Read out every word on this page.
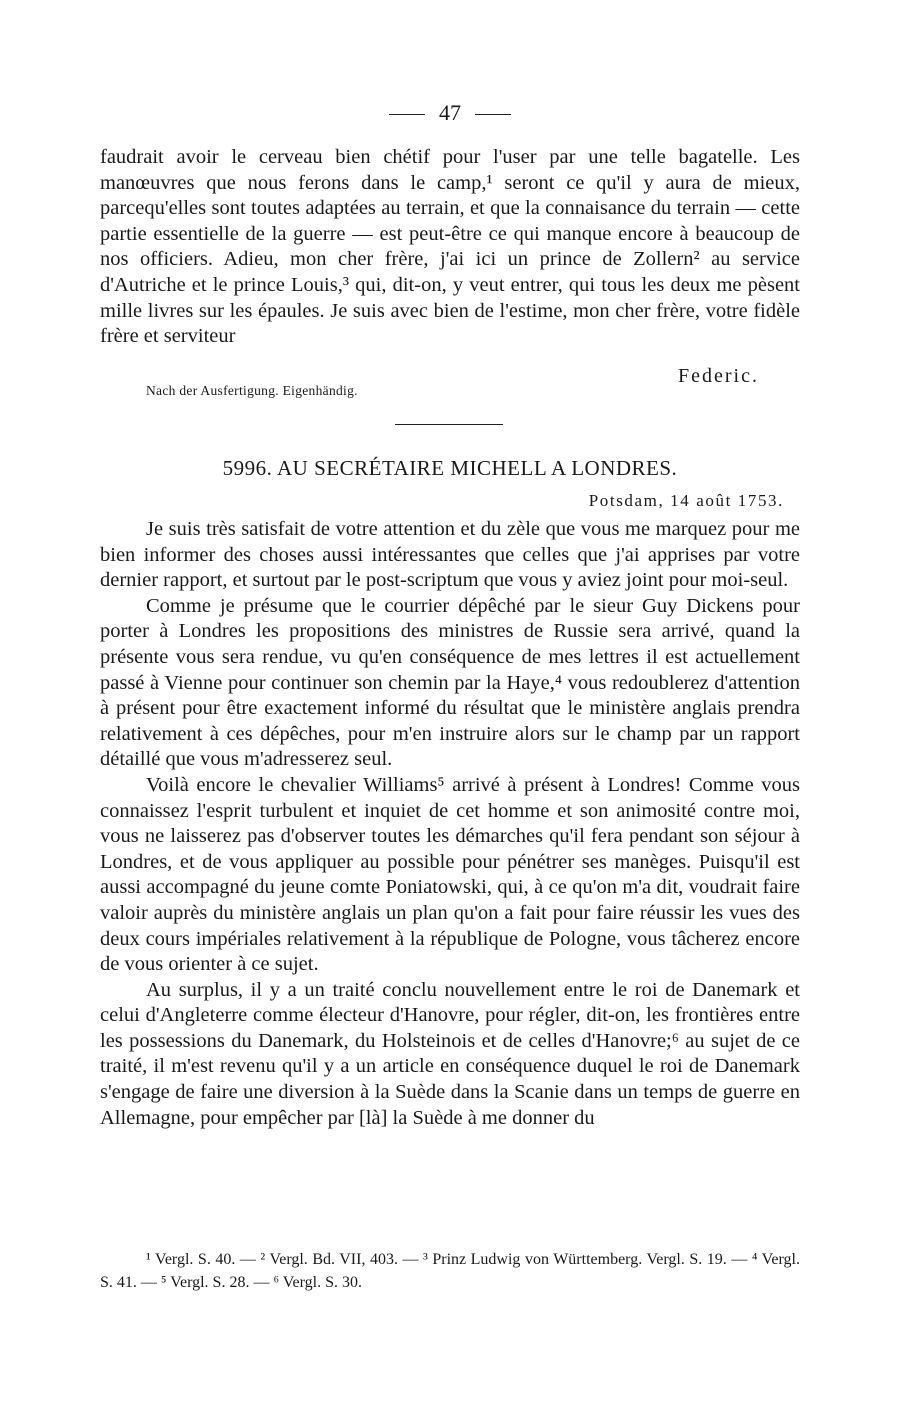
47

faudrait avoir le cerveau bien chétif pour l'user par une telle bagatelle. Les manœuvres que nous ferons dans le camp,¹ seront ce qu'il y aura de mieux, parcequ'elles sont toutes adaptées au terrain, et que la connaisance du terrain — cette partie essentielle de la guerre — est peut-être ce qui manque encore à beaucoup de nos officiers. Adieu, mon cher frère, j'ai ici un prince de Zollern² au service d'Autriche et le prince Louis,³ qui, dit-on, y veut entrer, qui tous les deux me pèsent mille livres sur les épaules. Je suis avec bien de l'estime, mon cher frère, votre fidèle frère et serviteur

Federic.
Nach der Ausfertigung. Eigenhändig.
5996. AU SECRÉTAIRE MICHELL A LONDRES.
Potsdam, 14 août 1753.

Je suis très satisfait de votre attention et du zèle que vous me marquez pour me bien informer des choses aussi intéressantes que celles que j'ai apprises par votre dernier rapport, et surtout par le post-scriptum que vous y aviez joint pour moi-seul.

Comme je présume que le courrier dépêché par le sieur Guy Dickens pour porter à Londres les propositions des ministres de Russie sera arrivé, quand la présente vous sera rendue, vu qu'en conséquence de mes lettres il est actuellement passé à Vienne pour continuer son chemin par la Haye,⁴ vous redoublerez d'attention à présent pour être exactement informé du résultat que le ministère anglais prendra relativement à ces dépêches, pour m'en instruire alors sur le champ par un rapport détaillé que vous m'adresserez seul.

Voilà encore le chevalier Williams⁵ arrivé à présent à Londres! Comme vous connaissez l'esprit turbulent et inquiet de cet homme et son animosité contre moi, vous ne laisserez pas d'observer toutes les démarches qu'il fera pendant son séjour à Londres, et de vous appliquer au possible pour pénétrer ses manèges. Puisqu'il est aussi accompagné du jeune comte Poniatowski, qui, à ce qu'on m'a dit, voudrait faire valoir auprès du ministère anglais un plan qu'on a fait pour faire réussir les vues des deux cours impériales relativement à la république de Pologne, vous tâcherez encore de vous orienter à ce sujet.

Au surplus, il y a un traité conclu nouvellement entre le roi de Danemark et celui d'Angleterre comme électeur d'Hanovre, pour régler, dit-on, les frontières entre les possessions du Danemark, du Holsteinois et de celles d'Hanovre;⁶ au sujet de ce traité, il m'est revenu qu'il y a un article en conséquence duquel le roi de Danemark s'engage de faire une diversion à la Suède dans la Scanie dans un temps de guerre en Allemagne, pour empêcher par [là] la Suède à me donner du

¹ Vergl. S. 40. — ² Vergl. Bd. VII, 403. — ³ Prinz Ludwig von Württemberg. Vergl. S. 19. — ⁴ Vergl. S. 41. — ⁵ Vergl. S. 28. — ⁶ Vergl. S. 30.
